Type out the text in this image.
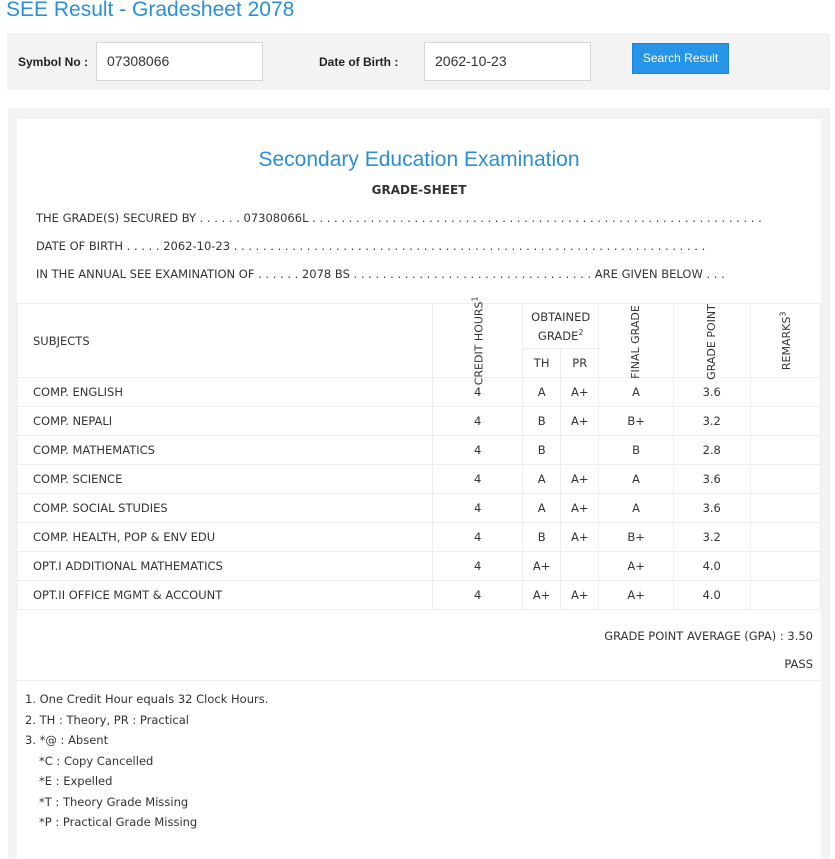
SEE Result - Gradesheet 2078
Symbol No :	07308066	Date of Birth :	2062-10-23	Search Result
Secondary Education Examination
GRADE-SHEET
THE GRADE(S) SECURED BY . . . . . . 07308066L . . . . . . . . . . . . . . . . . . . . . . . . . . . . . . . . . . . . . . . . . . . . . . . . . . . . . . . . . . . . . .
DATE OF BIRTH . . . . . 2062-10-23 . . . . . . . . . . . . . . . . . . . . . . . . . . . . . . . . . . . . . . . . . . . . . . . . . . . . . . . . . . . . . . . . .
IN THE ANNUAL SEE EXAMINATION OF . . . . . . 2078 BS . . . . . . . . . . . . . . . . . . . . . . . . . . . . . . . . . ARE GIVEN BELOW . . .
SUBJECTS	CREDIT HOURS$^1$	OBTAINED GRADE$^2$		FINAL GRADE	GRADE POINT	REMARKS$^3$
		TH	PR			
COMP. ENGLISH	4	A	A+	A	3.6	
COMP. NEPALI	4	B	A+	B+	3.2	
COMP. MATHEMATICS	4	B		B	2.8	
COMP. SCIENCE	4	A	A+	A	3.6	
COMP. SOCIAL STUDIES	4	A	A+	A	3.6	
COMP. HEALTH, POP & ENV EDU	4	B	A+	B+	3.2	
OPT.I ADDITIONAL MATHEMATICS	4	A+		A+	4.0	
OPT.II OFFICE MGMT & ACCOUNT	4	A+	A+	A+	4.0	
GRADE POINT AVERAGE (GPA) : 3.50
PASS
1. One Credit Hour equals 32 Clock Hours.
2. TH : Theory, PR : Practical
3. *@ : Absent
*C : Copy Cancelled
*E : Expelled
*T : Theory Grade Missing
*P : Practical Grade Missing
